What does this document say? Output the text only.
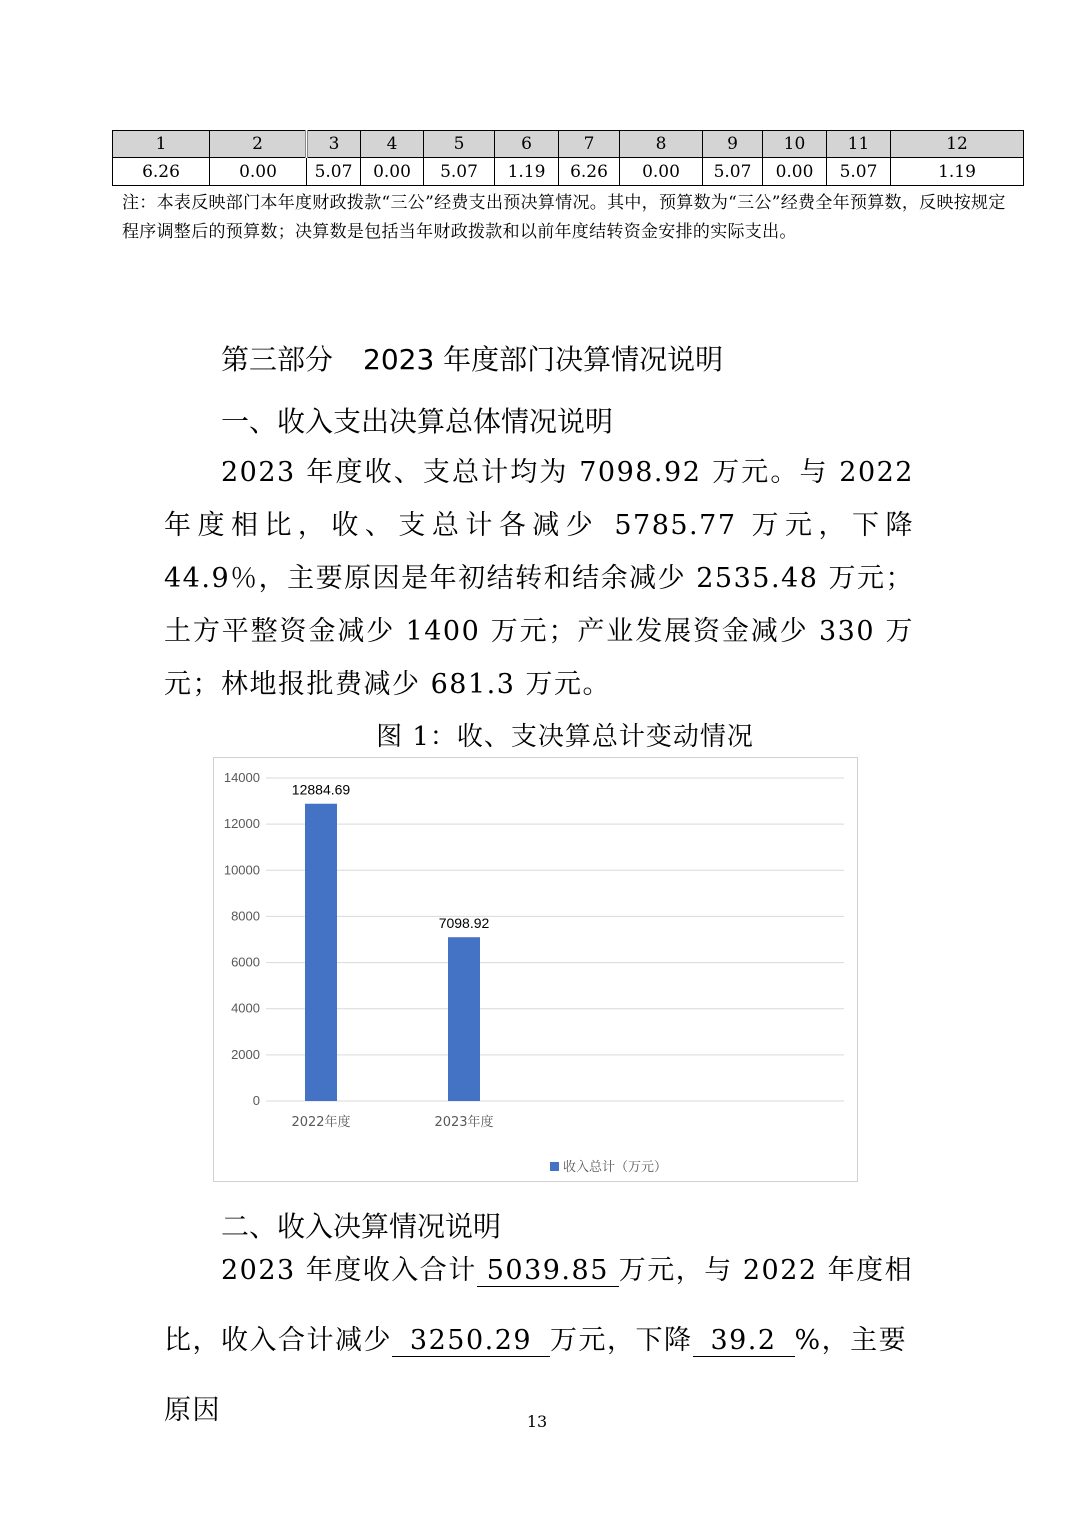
1	2	3	4	5	6	7	8	9	10	11	12
6.26	0.00	5.07	0.00	5.07	1.19	6.26	0.00	5.07	0.00	5.07	1.19
注：本表反映部门本年度财政拨款“三公”经费支出预决算情况。其中，预算数为“三公”经费全年预算数，反映按规定程序调整后的预算数；决算数是包括当年财政拨款和以前年度结转资金安排的实际支出。
第三部分 2023 年度部门决算情况说明
一、收入支出决算总体情况说明

2023 年度收、支总计均为 7098.92 万元。与 2022 年度相比，收、支总计各减少 5785.77 万元，下降 44.9％，主要原因是年初结转和结余减少 2535.48 万元；土方平整资金减少 1400 万元；产业发展资金减少 330 万元；林地报批费减少 681.3 万元。

图 1：收、支决算总计变动情况
0
2000
4000
6000
8000
10000
12000
14000
12884.69
2022年度
7098.92
2023年度
收入总计（万元）
二、收入决算情况说明

2023 年度收入合计 5039.85 万元，与 2022 年度相比，收入合计减少 3250.29 万元，下降 39.2 %，主要原因	13
